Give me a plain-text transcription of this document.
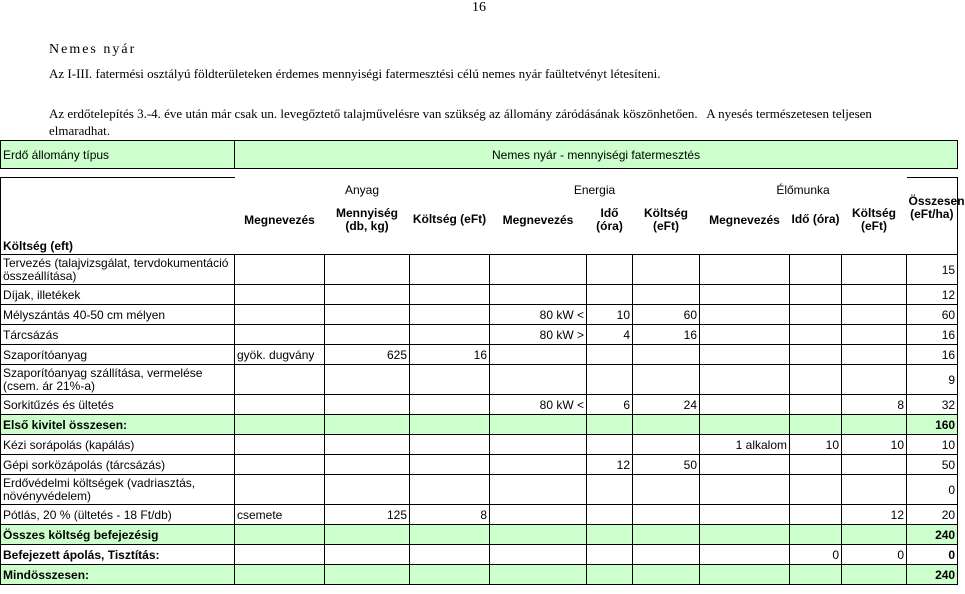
16
Nemes nyár
Az I-III. fatermési osztályú földterületeken érdemes mennyiségi fatermesztési célú nemes nyár faültetvényt létesíteni.
Az erdőtelepítés 3.-4. éve után már csak un. levegőztető talajművelésre van szükség az állomány záródásának köszönhetően. A nyesés természetesen teljesen elmaradhat.
Erdő állomány típus	Nemes nyár - mennyiségi fatermesztés									

	Anyag			Energia			Élőmunka			Összesen (eFt/ha)
	Megnevezés	Mennyiség (db, kg)	Költség (eFt)	Megnevezés	Idő (óra)	Költség (eFt)	Megnevezés	Idő (óra)	Költség (eFt)	
Költség (eft)										
Tervezés (talajvizsgálat, tervdokumentáció összeállítása)										15
Díjak, illetékek										12
Mélyszántás 40-50 cm mélyen				80 kW <	10	60				60
Tárcsázás				80 kW >	4	16				16
Szaporítóanyag	gyök. dugvány	625	16							16
Szaporítóanyag szállítása, vermelése (csem. ár 21%-a)										9
Sorkitűzés és ültetés				80 kW <	6	24			8	32
Első kivitel összesen:										160
Kézi sorápolás (kapálás)							1 alkalom	10	10	10
Gépi sorközápolás (tárcsázás)					12	50				50
Erdővédelmi költségek (vadriasztás, növényvédelem)										0
Pótlás, 20 % (ültetés - 18 Ft/db)	csemete	125	8						12	20
Összes költség befejezésig										240
Befejezett ápolás, Tisztítás:								0	0	0
Mindösszesen:										240
